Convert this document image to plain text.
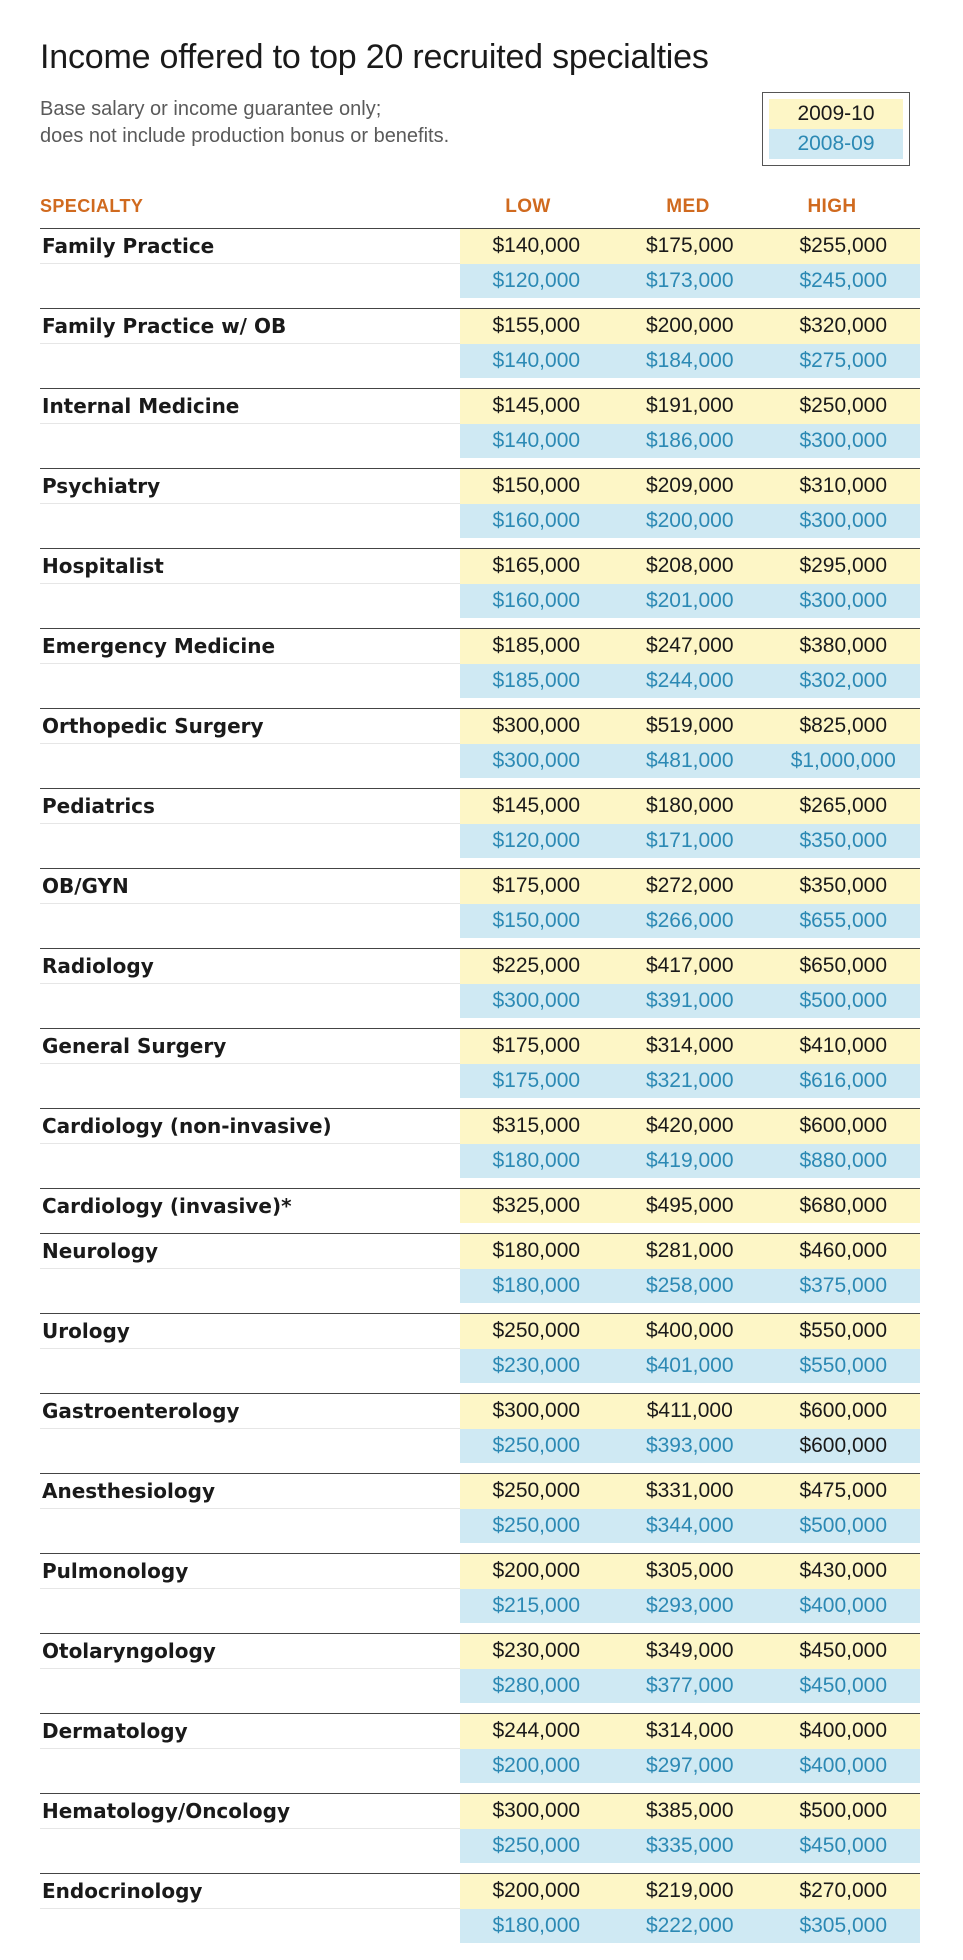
Income offered to top 20 recruited specialties
Base salary or income guarantee only;
does not include production bonus or benefits.
2009-10
2008-09
SPECIALTY	LOW	MED	HIGH
Family Practice	$140,000	$175,000	$255,000
	$120,000	$173,000	$245,000

Family Practice w/ OB	$155,000	$200,000	$320,000
	$140,000	$184,000	$275,000

Internal Medicine	$145,000	$191,000	$250,000
	$140,000	$186,000	$300,000

Psychiatry	$150,000	$209,000	$310,000
	$160,000	$200,000	$300,000

Hospitalist	$165,000	$208,000	$295,000
	$160,000	$201,000	$300,000

Emergency Medicine	$185,000	$247,000	$380,000
	$185,000	$244,000	$302,000

Orthopedic Surgery	$300,000	$519,000	$825,000
	$300,000	$481,000	$1,000,000

Pediatrics	$145,000	$180,000	$265,000
	$120,000	$171,000	$350,000

OB/GYN	$175,000	$272,000	$350,000
	$150,000	$266,000	$655,000

Radiology	$225,000	$417,000	$650,000
	$300,000	$391,000	$500,000

General Surgery	$175,000	$314,000	$410,000
	$175,000	$321,000	$616,000

Cardiology (non-invasive)	$315,000	$420,000	$600,000
	$180,000	$419,000	$880,000

Cardiology (invasive)*	$325,000	$495,000	$680,000

Neurology	$180,000	$281,000	$460,000
	$180,000	$258,000	$375,000

Urology	$250,000	$400,000	$550,000
	$230,000	$401,000	$550,000

Gastroenterology	$300,000	$411,000	$600,000
	$250,000	$393,000	$600,000

Anesthesiology	$250,000	$331,000	$475,000
	$250,000	$344,000	$500,000

Pulmonology	$200,000	$305,000	$430,000
	$215,000	$293,000	$400,000

Otolaryngology	$230,000	$349,000	$450,000
	$280,000	$377,000	$450,000

Dermatology	$244,000	$314,000	$400,000
	$200,000	$297,000	$400,000

Hematology/Oncology	$300,000	$385,000	$500,000
	$250,000	$335,000	$450,000

Endocrinology	$200,000	$219,000	$270,000
	$180,000	$222,000	$305,000
